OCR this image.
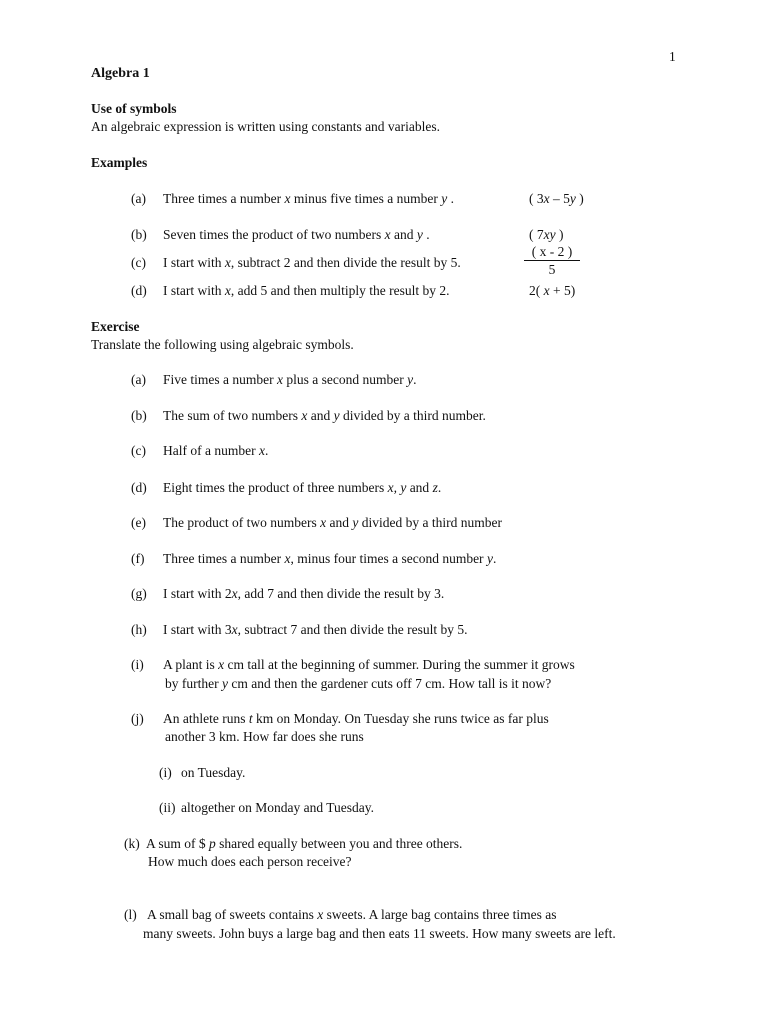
1
Algebra 1
Use of symbols
An algebraic expression is written using constants and variables.
Examples
(a) Three times a number x minus five times a number y .	( 3x – 5y )
(b) Seven times the product of two numbers x and y .	( 7xy )
(c) I start with x, subtract 2 and then divide the result by 5.	$\frac{( x - 2 )}{5}$
(d) I start with x, add 5 and then multiply the result by 2.	2( x + 5)
Exercise
Translate the following using algebraic symbols.
(a) Five times a number x plus a second number y.
(b) The sum of two numbers x and y divided by a third number.
(c) Half of a number x.
(d) Eight times the product of three numbers x, y and z.
(e) The product of two numbers x and y divided by a third number
(f) Three times a number x, minus four times a second number y.
(g) I start with 2x, add 7 and then divide the result by 3.
(h) I start with 3x, subtract 7 and then divide the result by 5.
(i) A plant is x cm tall at the beginning of summer. During the summer it grows
by further y cm and then the gardener cuts off 7 cm. How tall is it now?
(j) An athlete runs t km on Monday. On Tuesday she runs twice as far plus
another 3 km. How far does she runs
(i) on Tuesday.
(ii) altogether on Monday and Tuesday.
(k) A sum of $ p shared equally between you and three others.
How much does each person receive?
(l) A small bag of sweets contains x sweets. A large bag contains three times as
many sweets. John buys a large bag and then eats 11 sweets. How many sweets are left.
